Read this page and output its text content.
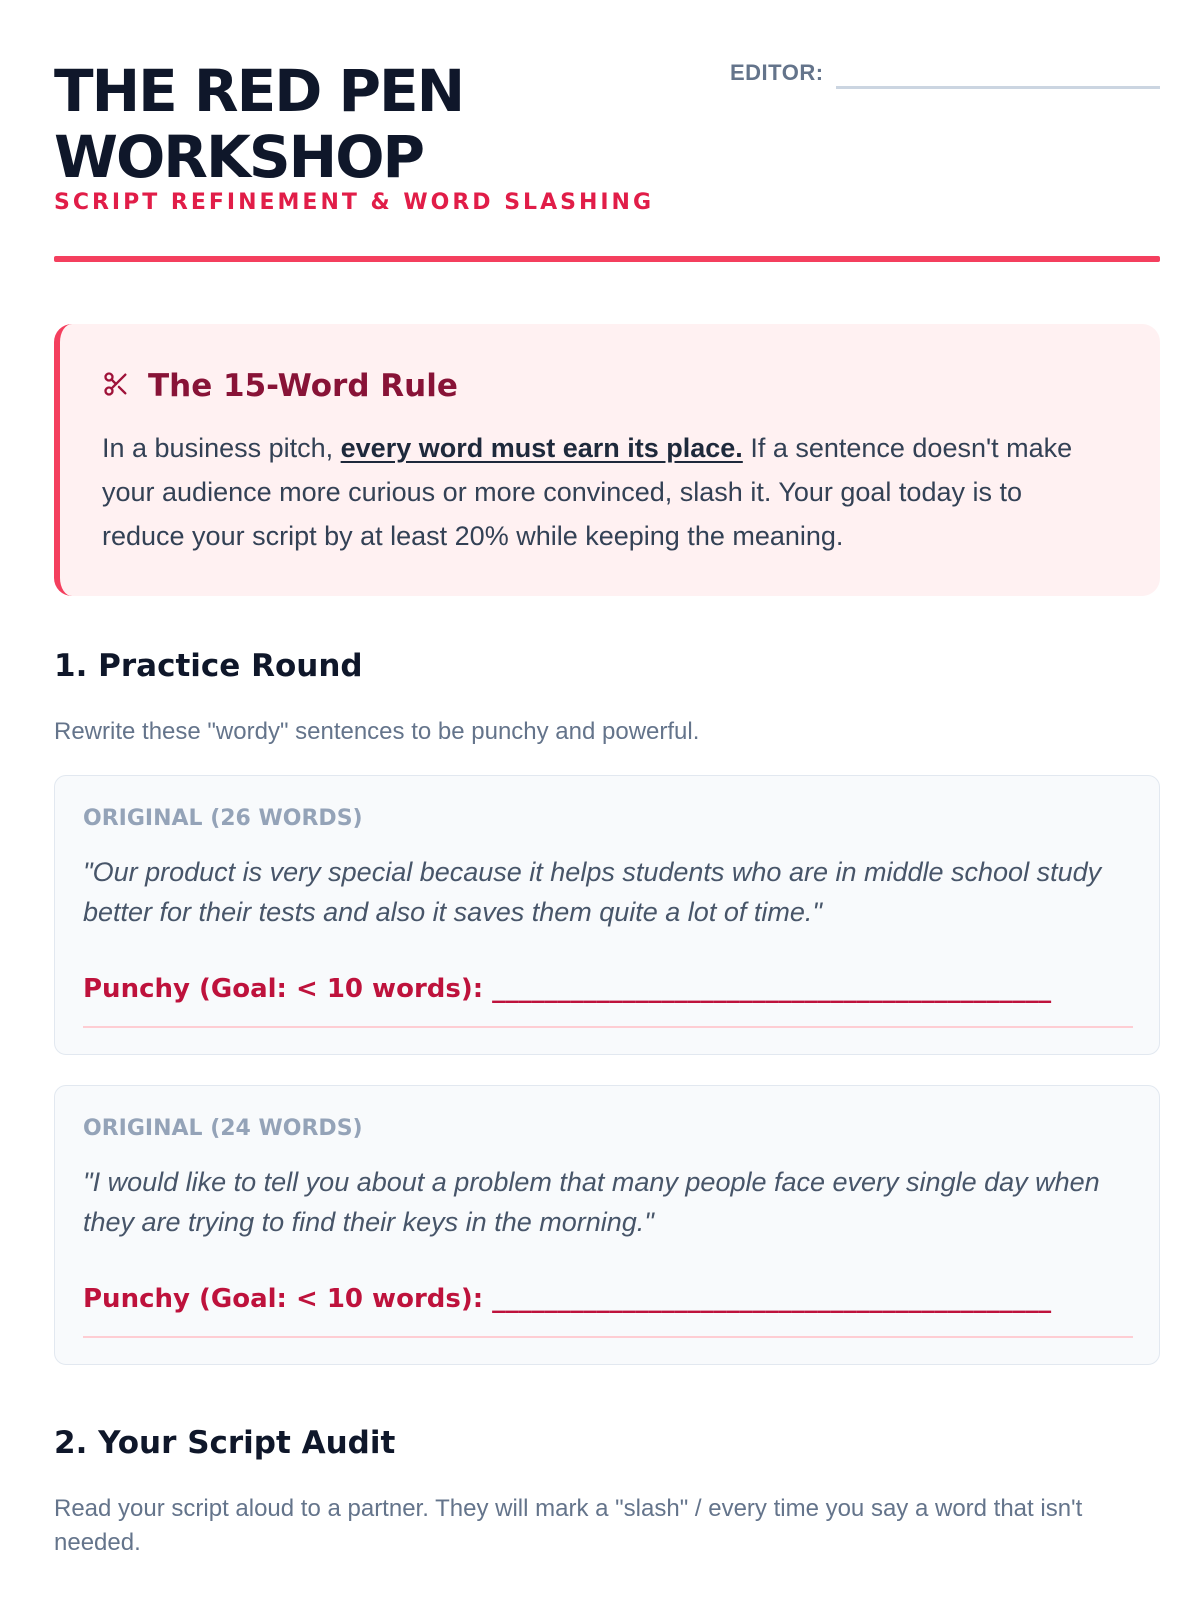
THE RED PEN WORKSHOP
SCRIPT REFINEMENT & WORD SLASHING
EDITOR:
The 15-Word Rule
In a business pitch, every word must earn its place. If a sentence doesn't make your audience more curious or more convinced, slash it. Your goal today is to reduce your script by at least 20% while keeping the meaning.
1. Practice Round
Rewrite these "wordy" sentences to be punchy and powerful.
ORIGINAL (26 WORDS)
"Our product is very special because it helps students who are in middle school study better for their tests and also it saves them quite a lot of time."
Punchy (Goal: < 10 words): ___________________________________________
ORIGINAL (24 WORDS)
"I would like to tell you about a problem that many people face every single day when they are trying to find their keys in the morning."
Punchy (Goal: < 10 words): ___________________________________________
2. Your Script Audit
Read your script aloud to a partner. They will mark a "slash" / every time you say a word that isn't needed.
